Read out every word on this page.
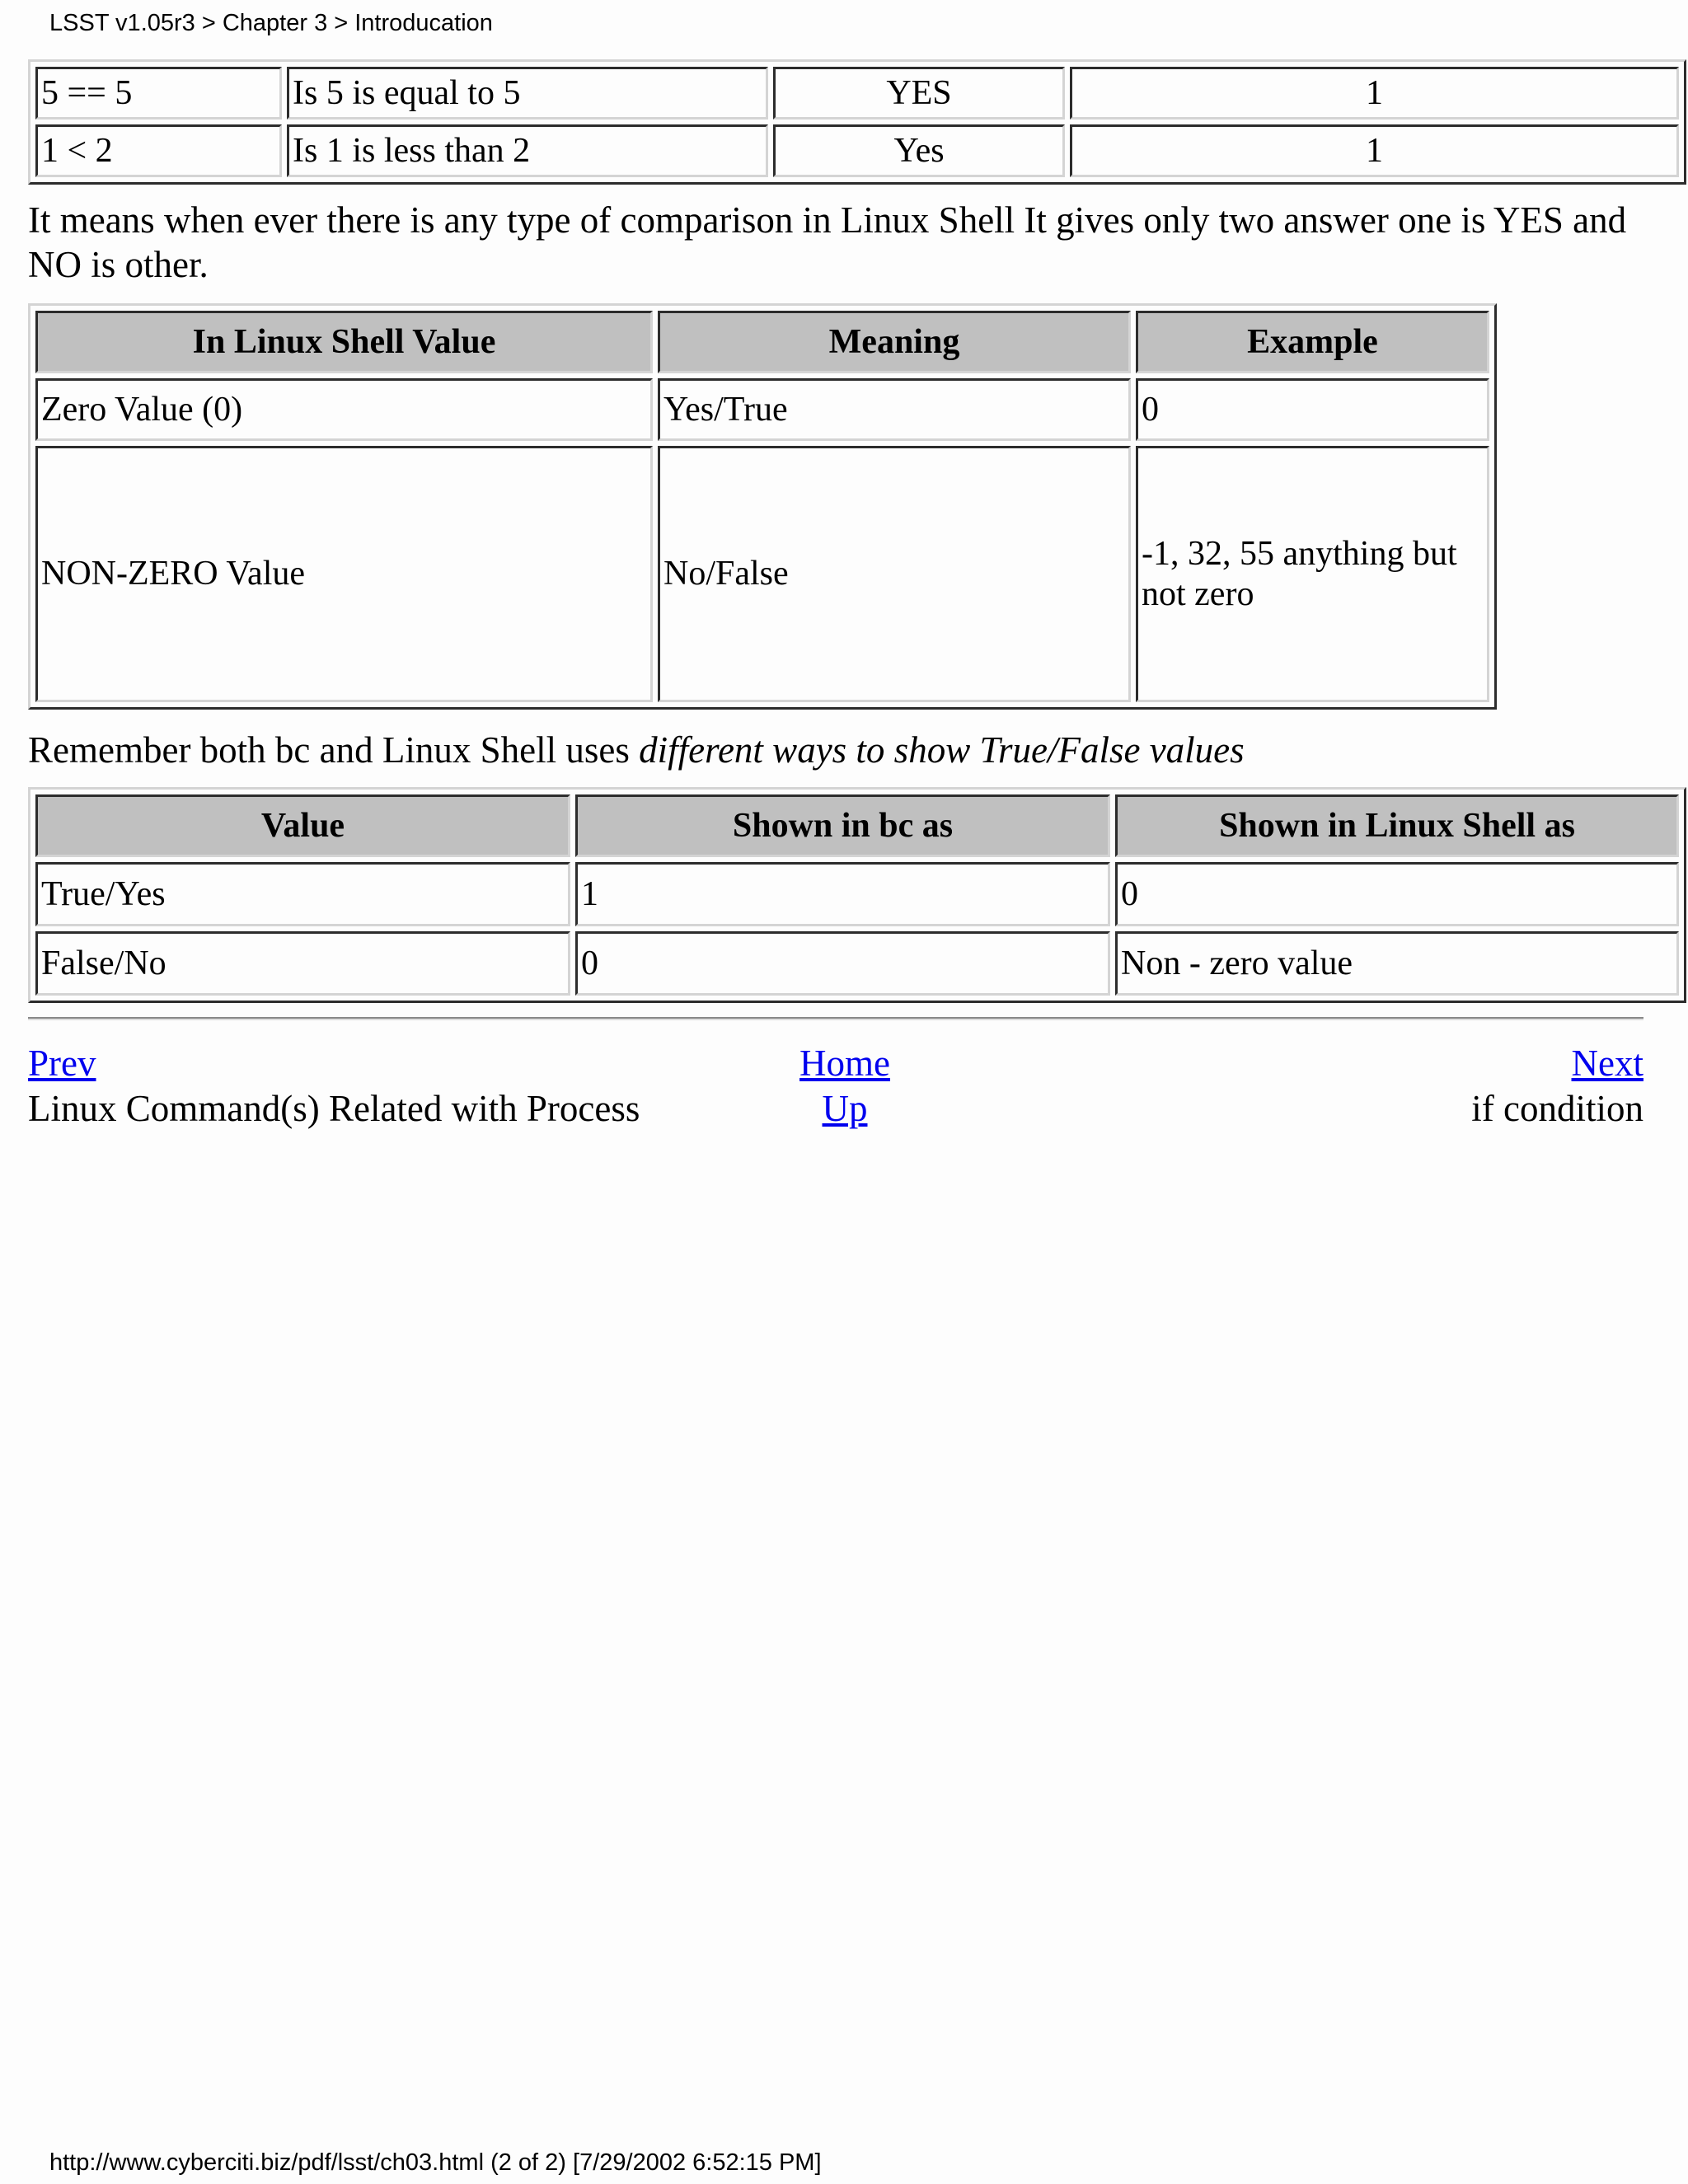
LSST v1.05r3 > Chapter 3 > Introducation
5 == 5	Is 5 is equal to 5	YES	1
1 < 2	Is 1 is less than 2	Yes	1
It means when ever there is any type of comparison in Linux Shell It gives only two answer one is YES and NO is other.
In Linux Shell Value	Meaning	Example
Zero Value (0)	Yes/True	0
NON-ZERO Value	No/False	-1, 32, 55 anything but not zero
Remember both bc and Linux Shell uses different ways to show True/False values
Value	Shown in bc as	Shown in Linux Shell as
True/Yes	1	0
False/No	0	Non - zero value
Prev
Linux Command(s) Related with Process
Home
Up
Next
if condition
http://www.cyberciti.biz/pdf/lsst/ch03.html (2 of 2) [7/29/2002 6:52:15 PM]
